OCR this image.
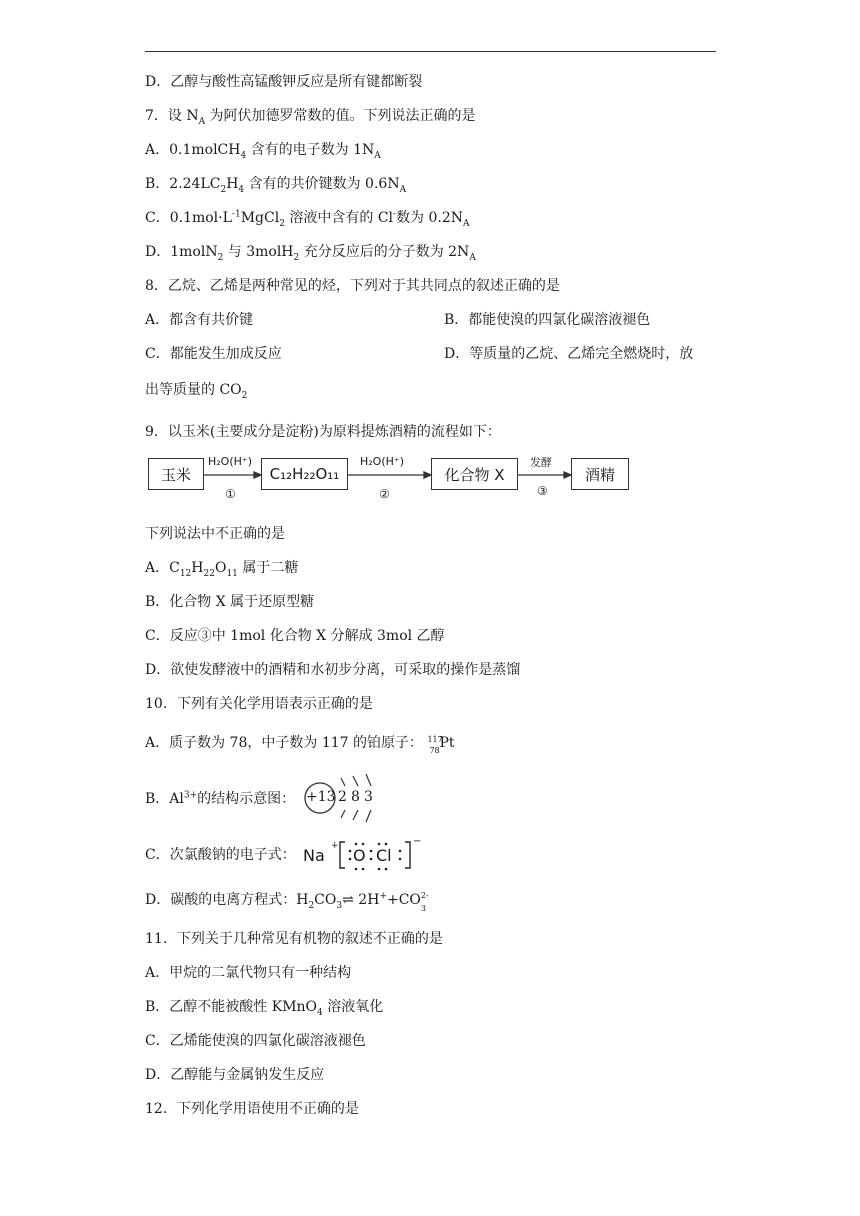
D．乙醇与酸性高锰酸钾反应是所有键都断裂
7．设 $N_A$ 为阿伏加德罗常数的值。下列说法正确的是
A．0.1molCH$_4$ 含有的电子数为 $1N_A$
B．$2.24LC_2H_4$ 含有的共价键数为 $0.6N_A$
C．$0.1mol\cdot L^{-1}MgCl_2$ 溶液中含有的 Cl-数为 $0.2N_A$
D．1molN$_2$ 与 3molH$_2$ 充分反应后的分子数为 $2N_A$
8．乙烷、乙烯是两种常见的烃，下列对于其共同点的叙述正确的是
A．都含有共价键	B．都能使溴的四氯化碳溶液褪色
C．都能发生加成反应	D．等质量的乙烷、乙烯完全燃烧时，放
出等质量的 $CO_2$
9．以玉米(主要成分是淀粉)为原料提炼酒精的流程如下：
玉米
H₂O(H⁺)
①
C₁₂H₂₂O₁₁
H₂O(H⁺)
②
化合物 X
发酵
③
酒精
下列说法中不正确的是
A．$C_{12}H_{22}O_{11}$ 属于二糖
B．化合物 X 属于还原型糖
C．反应③中 1mol 化合物 X 分解成 3mol 乙醇
D．欲使发酵液中的酒精和水初步分离，可采取的操作是蒸馏
10．下列有关化学用语表示正确的是
A．质子数为 78，中子数为 117 的铂原子： 117
78 Pt
B．$Al^{3+}$的结构示意图： +13 2 8 3
C．次氯酸钠的电子式： Na + O Cl
−
D．碳酸的电离方程式：$H_2CO_3\rightleftharpoons$ 2H++CO 2-
3
11．下列关于几种常见有机物的叙述不正确的是
A．甲烷的二氯代物只有一种结构
B．乙醇不能被酸性 KMnO$_4$ 溶液氧化
C．乙烯能使溴的四氯化碳溶液褪色
D．乙醇能与金属钠发生反应
12．下列化学用语使用不正确的是
